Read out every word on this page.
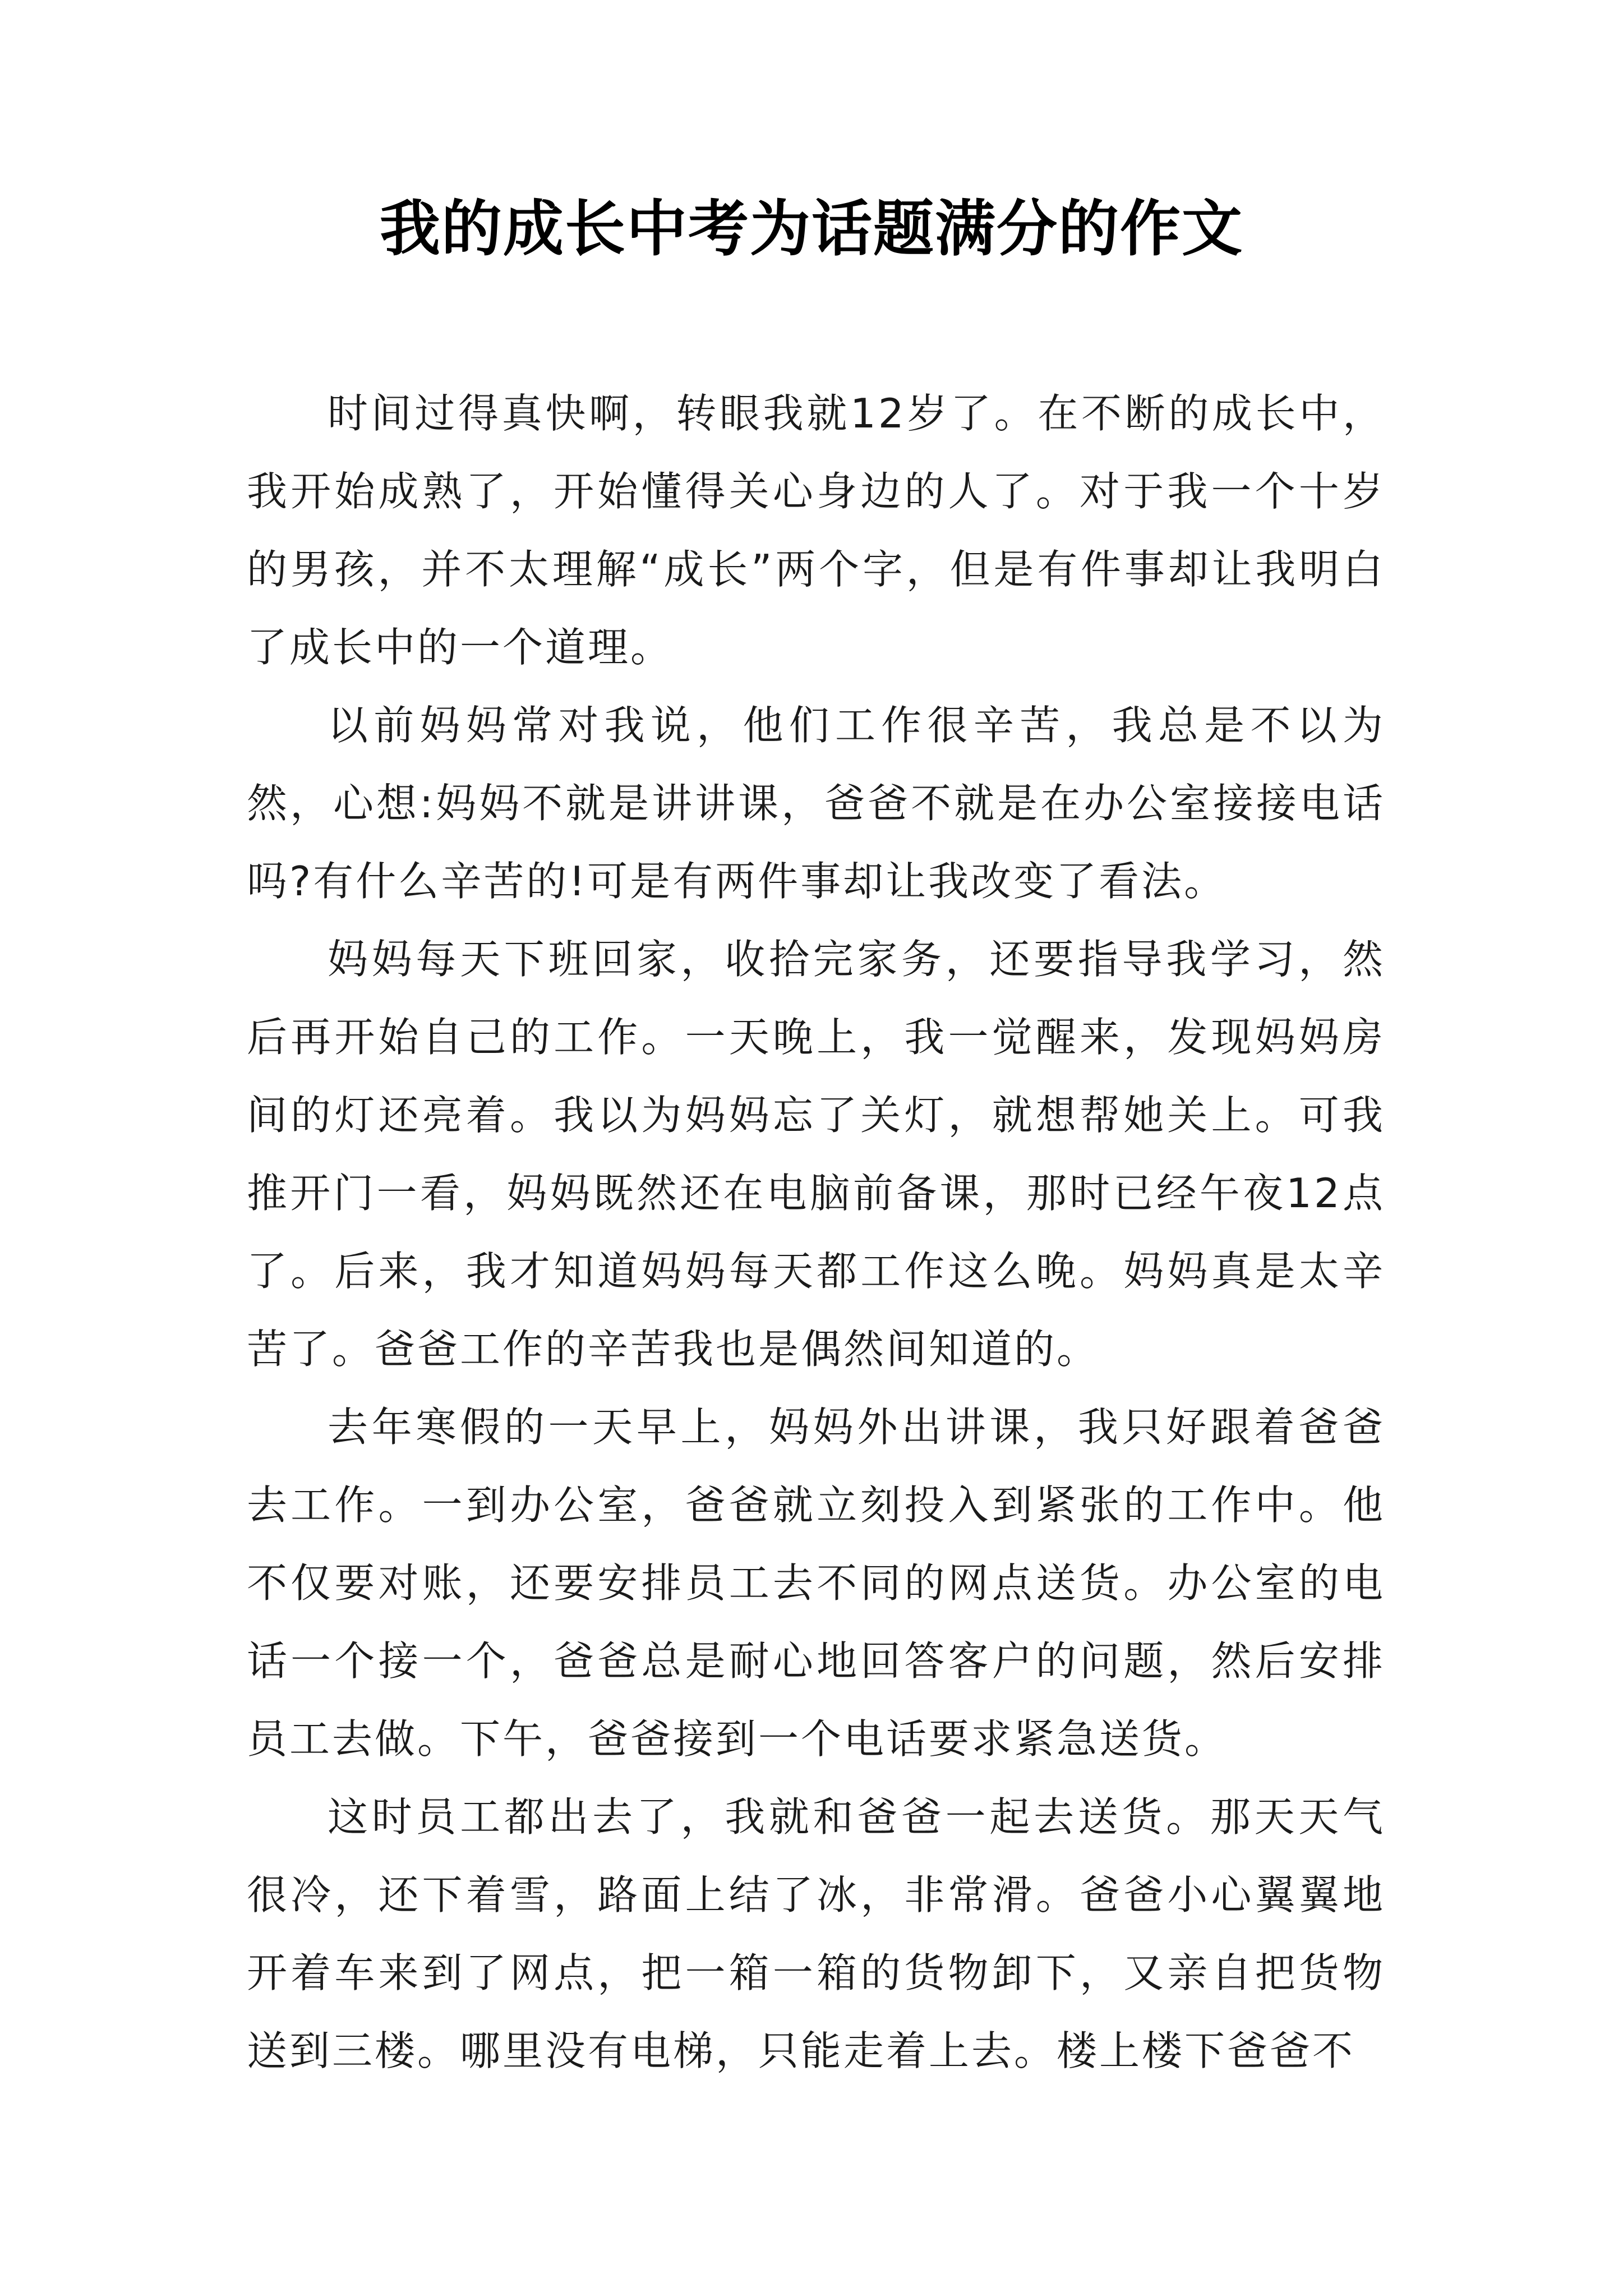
我的成长中考为话题满分的作文

时间过得真快啊，转眼我就12岁了。在不断的成长中，我开始成熟了，开始懂得关心身边的人了。对于我一个十岁的男孩，并不太理解“成长”两个字，但是有件事却让我明白了成长中的一个道理。

以前妈妈常对我说，他们工作很辛苦，我总是不以为然，心想:妈妈不就是讲讲课，爸爸不就是在办公室接接电话吗?有什么辛苦的!可是有两件事却让我改变了看法。

妈妈每天下班回家，收拾完家务，还要指导我学习，然后再开始自己的工作。一天晚上，我一觉醒来，发现妈妈房间的灯还亮着。我以为妈妈忘了关灯，就想帮她关上。可我推开门一看，妈妈既然还在电脑前备课，那时已经午夜12点了。后来，我才知道妈妈每天都工作这么晚。妈妈真是太辛苦了。爸爸工作的辛苦我也是偶然间知道的。

去年寒假的一天早上，妈妈外出讲课，我只好跟着爸爸去工作。一到办公室，爸爸就立刻投入到紧张的工作中。他不仅要对账，还要安排员工去不同的网点送货。办公室的电话一个接一个，爸爸总是耐心地回答客户的问题，然后安排员工去做。下午，爸爸接到一个电话要求紧急送货。

这时员工都出去了，我就和爸爸一起去送货。那天天气很冷，还下着雪，路面上结了冰，非常滑。爸爸小心翼翼地开着车来到了网点，把一箱一箱的货物卸下，又亲自把货物送到三楼。哪里没有电梯，只能走着上去。楼上楼下爸爸不
